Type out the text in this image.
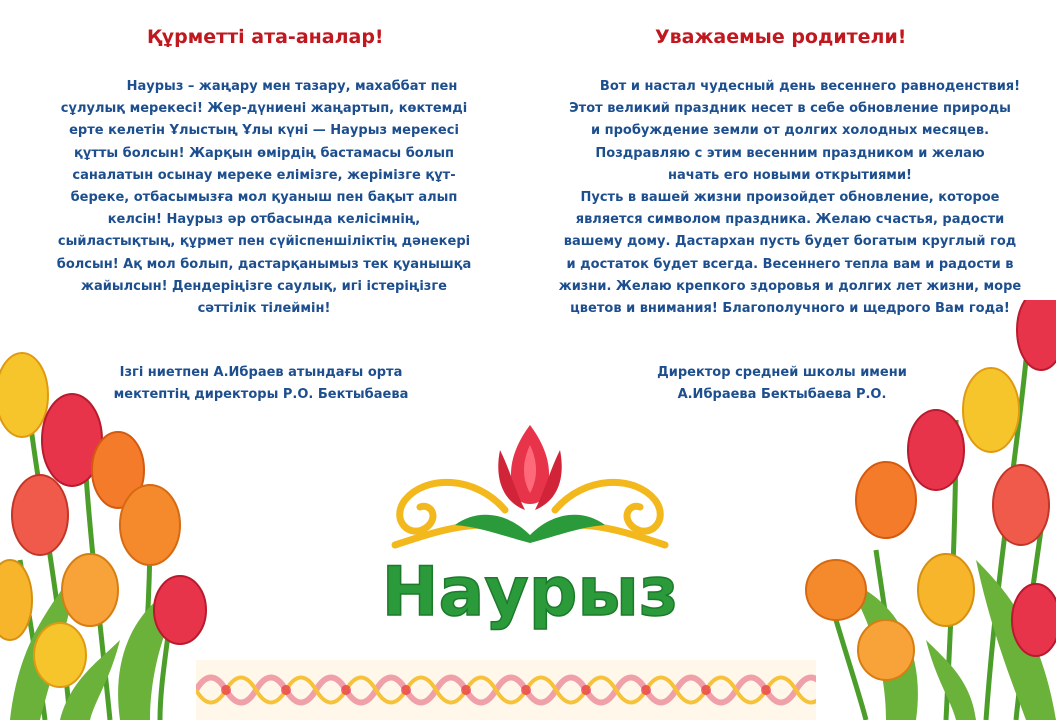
Құрметті ата-аналар!	Уважаемые родители!
Наурыз – жаңару мен тазару, махаббат пен
сұлулық мерекесі! Жер-дүниені жаңартып, көктемді
ерте келетін Ұлыстың Ұлы күні — Наурыз мерекесі
құтты болсын! Жарқын өмірдің бастамасы болып
саналатын осынау мереке елімізге, жерімізге құт-
береке, отбасымызға мол қуаныш пен бақыт алып
келсін! Наурыз әр отбасында келісімнің,
сыйластықтың, құрмет пен сүйіспеншіліктің дәнекері
болсын! Ақ мол болып, дастарқанымыз тек қуанышқа
жайылсын! Дендеріңізге саулық, игі істеріңізге
сәттілік тілеймін!
Вот и настал чудесный день весеннего равноденствия!
Этот великий праздник несет в себе обновление природы
и пробуждение земли от долгих холодных месяцев.
Поздравляю с этим весенним праздником и желаю
начать его новыми открытиями!
Пусть в вашей жизни произойдет обновление, которое
является символом праздника. Желаю счастья, радости
вашему дому. Дастархан пусть будет богатым круглый год
и достаток будет всегда. Весеннего тепла вам и радости в
жизни. Желаю крепкого здоровья и долгих лет жизни, море
цветов и внимания! Благополучного и щедрого Вам года!
Ізгі ниетпен А.Ибраев атындағы орта
мектептің директоры Р.О. Бектыбаева
Директор средней школы имени
А.Ибраева Бектыбаева Р.О.
Наурыз
